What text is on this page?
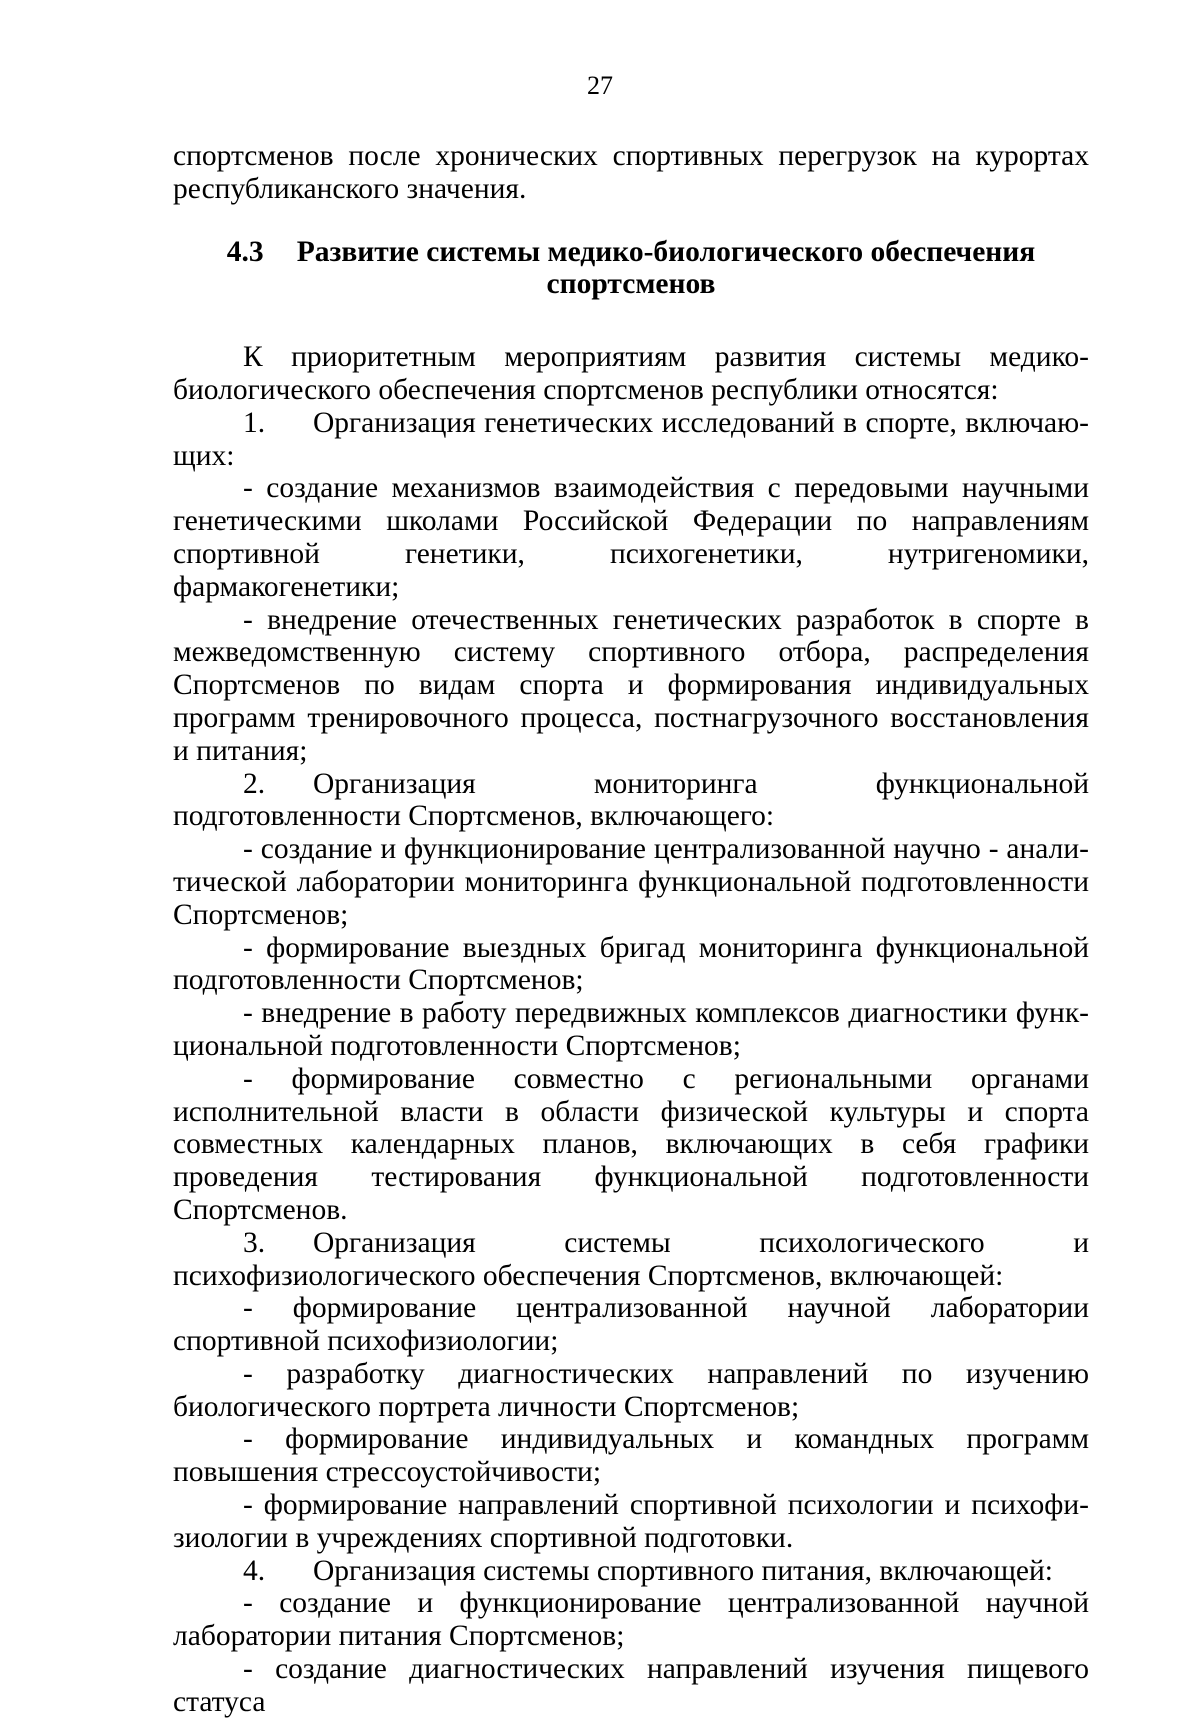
27

спортсменов после хронических спортивных перегрузок на курортах республиканского значения.

4.3 Развитие системы медико-биологического обеспечения
спортсменов

К приоритетным мероприятиям развития системы медико-биологического обеспечения спортсменов республики относятся:

1. Организация генетических исследований в спорте, включающих:

- создание механизмов взаимодействия с передовыми научными генетическими школами Российской Федерации по направлениям спортивной генетики, психогенетики, нутригеномики, фармакогенетики;

- внедрение отечественных генетических разработок в спорте в межведомственную систему спортивного отбора, распределения Спортсменов по видам спорта и формирования индивидуальных программ тренировочного процесса, постнагрузочного восстановления и питания;

2. Организация мониторинга функциональной подготовленности Спортсменов, включающего:

- создание и функционирование централизованной научно - аналитической лаборатории мониторинга функциональной подготовленности Спортсменов;

- формирование выездных бригад мониторинга функциональной подготовленности Спортсменов;

- внедрение в работу передвижных комплексов диагностики функциональной подготовленности Спортсменов;

- формирование совместно с региональными органами исполнительной власти в области физической культуры и спорта совместных календарных планов, включающих в себя графики проведения тестирования функциональной подготовленности Спортсменов.

3. Организация системы психологического и психофизиологического обеспечения Спортсменов, включающей:

- формирование централизованной научной лаборатории спортивной психофизиологии;

- разработку диагностических направлений по изучению биологического портрета личности Спортсменов;

- формирование индивидуальных и командных программ повышения стрессоустойчивости;

- формирование направлений спортивной психологии и психофизиологии в учреждениях спортивной подготовки.

4. Организация системы спортивного питания, включающей:

- создание и функционирование централизованной научной лаборатории питания Спортсменов;

- создание диагностических направлений изучения пищевого статуса
